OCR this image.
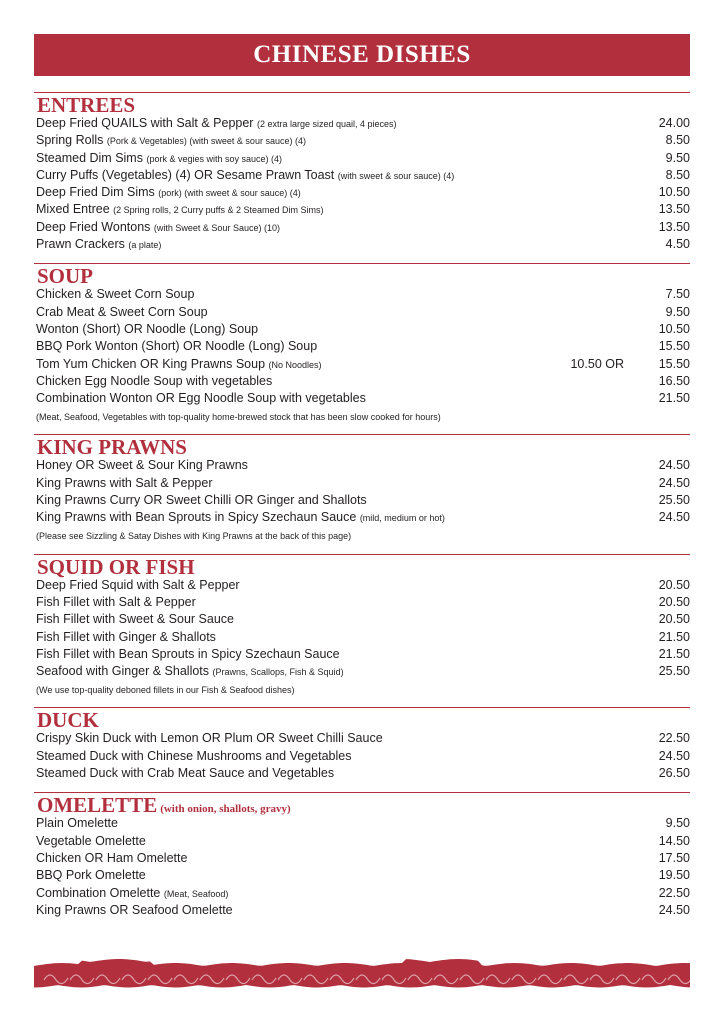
CHINESE DISHES
ENTREES
Deep Fried QUAILS with Salt & Pepper (2 extra large sized quail, 4 pieces)	24.00
Spring Rolls (Pork & Vegetables) (with sweet & sour sauce) (4)	8.50
Steamed Dim Sims (pork & vegies with soy sauce) (4)	9.50
Curry Puffs (Vegetables) (4) OR Sesame Prawn Toast (with sweet & sour sauce) (4)	8.50
Deep Fried Dim Sims (pork) (with sweet & sour sauce) (4)	10.50
Mixed Entree (2 Spring rolls, 2 Curry puffs & 2 Steamed Dim Sims)	13.50
Deep Fried Wontons (with Sweet & Sour Sauce) (10)	13.50
Prawn Crackers (a plate)	4.50
SOUP
Chicken & Sweet Corn Soup	7.50
Crab Meat & Sweet Corn Soup	9.50
Wonton (Short) OR Noodle (Long) Soup	10.50
BBQ Pork Wonton (Short) OR Noodle (Long) Soup	15.50
Tom Yum Chicken OR King Prawns Soup (No Noodles)	10.50 OR	15.50
Chicken Egg Noodle Soup with vegetables	16.50
Combination Wonton OR Egg Noodle Soup with vegetables	21.50
(Meat, Seafood, Vegetables with top-quality home-brewed stock that has been slow cooked for hours)
KING PRAWNS
Honey OR Sweet & Sour King Prawns	24.50
King Prawns with Salt & Pepper	24.50
King Prawns Curry OR Sweet Chilli OR Ginger and Shallots	25.50
King Prawns with Bean Sprouts in Spicy Szechaun Sauce (mild, medium or hot)	24.50
(Please see Sizzling & Satay Dishes with King Prawns at the back of this page)
SQUID OR FISH
Deep Fried Squid with Salt & Pepper	20.50
Fish Fillet with Salt & Pepper	20.50
Fish Fillet with Sweet & Sour Sauce	20.50
Fish Fillet with Ginger & Shallots	21.50
Fish Fillet with Bean Sprouts in Spicy Szechaun Sauce	21.50
Seafood with Ginger & Shallots (Prawns, Scallops, Fish & Squid)	25.50
(We use top-quality deboned fillets in our Fish & Seafood dishes)
DUCK
Crispy Skin Duck with Lemon OR Plum OR Sweet Chilli Sauce	22.50
Steamed Duck with Chinese Mushrooms and Vegetables	24.50
Steamed Duck with Crab Meat Sauce and Vegetables	26.50
OMELETTE (with onion, shallots, gravy)
Plain Omelette	9.50
Vegetable Omelette	14.50
Chicken OR Ham Omelette	17.50
BBQ Pork Omelette	19.50
Combination Omelette (Meat, Seafood)	22.50
King Prawns OR Seafood Omelette	24.50
